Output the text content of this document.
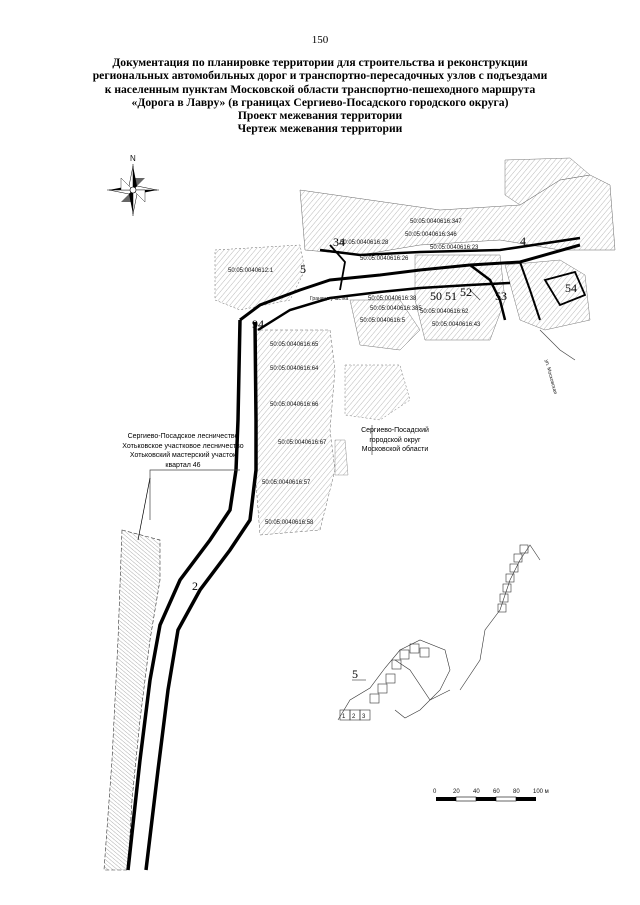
150
Документация по планировке территории для строительства и реконструкции
региональных автомобильных дорог и транспортно-пересадочных узлов с подъездами
к населенным пунктам Московской области транспортно-пешеходного маршрута
«Дорога в Лавру» (в границах Сергиево-Посадского городского округа)
Проект межевания территории
Чертеж межевания территории
N
50:05:0040616:347
50:05:0040616:346
50:05:0040616:28
50:05:0040616:23
50:05:0040616:26
50:05:0040612:1
50:05:0040616:38
50:05:0040616:385
50:05:0040616:65
50:05:0040616:64
50:05:0040616:66
50:05:0040616:67
50:05:0040616:57
50:05:0040616:58
50:05:0040616:43
50:05:0040616:62
50:05:0040616:5
34	4
5
94
50 51 52 53
54
2
Граница участка
ул. Московская
5
1 2 3
0	20 40 60 80 100 м
Сергиево-Посадское лесничество
Хотьковское участковое лесничество
Хотьковский мастерский участок
квартал 46
Сергиево-Посадский
городской округ
Московской области
